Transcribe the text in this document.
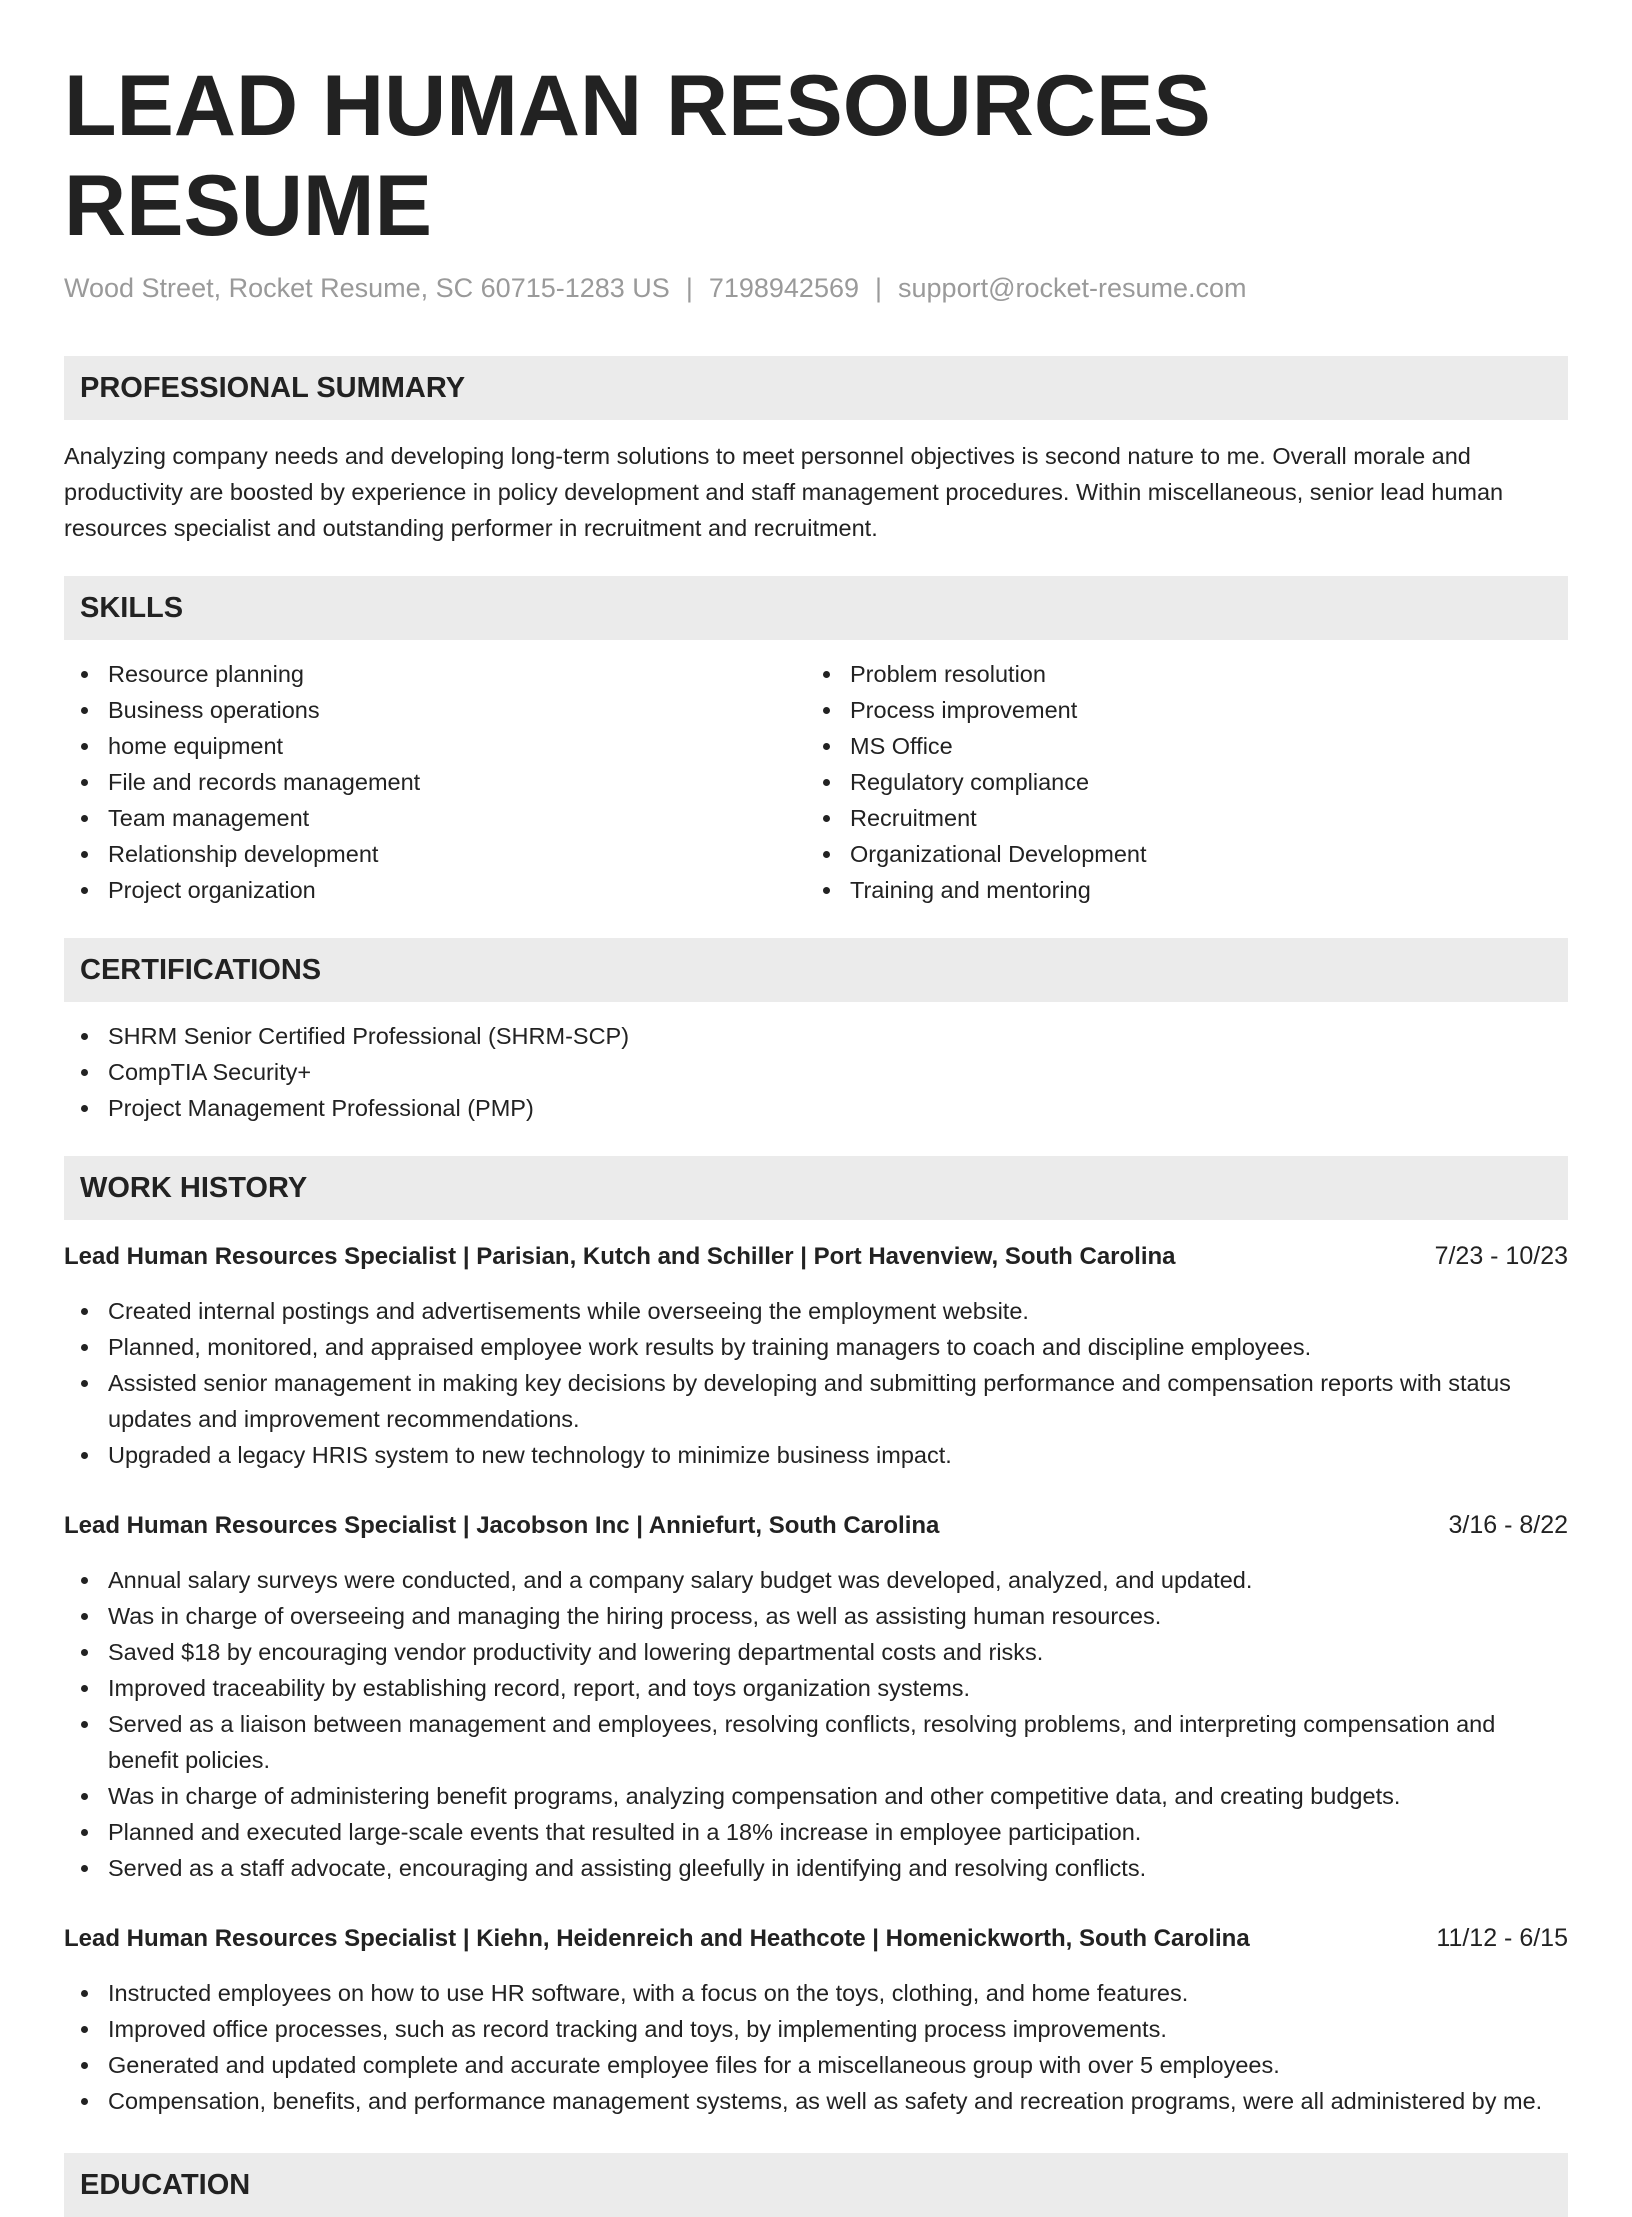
LEAD HUMAN RESOURCES RESUME
Wood Street, Rocket Resume, SC 60715-1283 US | 7198942569 | support@rocket-resume.com
PROFESSIONAL SUMMARY

Analyzing company needs and developing long-term solutions to meet personnel objectives is second nature to me. Overall morale and productivity are boosted by experience in policy development and staff management procedures. Within miscellaneous, senior lead human resources specialist and outstanding performer in recruitment and recruitment.

SKILLS
Resource planning
Business operations
home equipment
File and records management
Team management
Relationship development
Project organization
Problem resolution
Process improvement
MS Office
Regulatory compliance
Recruitment
Organizational Development
Training and mentoring
CERTIFICATIONS
SHRM Senior Certified Professional (SHRM-SCP)
CompTIA Security+
Project Management Professional (PMP)
WORK HISTORY
Lead Human Resources Specialist | Parisian, Kutch and Schiller | Port Havenview, South Carolina	7/23 - 10/23
Created internal postings and advertisements while overseeing the employment website.
Planned, monitored, and appraised employee work results by training managers to coach and discipline employees.
Assisted senior management in making key decisions by developing and submitting performance and compensation reports with status updates and improvement recommendations.
Upgraded a legacy HRIS system to new technology to minimize business impact.
Lead Human Resources Specialist | Jacobson Inc | Anniefurt, South Carolina	3/16 - 8/22
Annual salary surveys were conducted, and a company salary budget was developed, analyzed, and updated.
Was in charge of overseeing and managing the hiring process, as well as assisting human resources.
Saved $18 by encouraging vendor productivity and lowering departmental costs and risks.
Improved traceability by establishing record, report, and toys organization systems.
Served as a liaison between management and employees, resolving conflicts, resolving problems, and interpreting compensation and benefit policies.
Was in charge of administering benefit programs, analyzing compensation and other competitive data, and creating budgets.
Planned and executed large-scale events that resulted in a 18% increase in employee participation.
Served as a staff advocate, encouraging and assisting gleefully in identifying and resolving conflicts.
Lead Human Resources Specialist | Kiehn, Heidenreich and Heathcote | Homenickworth, South Carolina	11/12 - 6/15
Instructed employees on how to use HR software, with a focus on the toys, clothing, and home features.
Improved office processes, such as record tracking and toys, by implementing process improvements.
Generated and updated complete and accurate employee files for a miscellaneous group with over 5 employees.
Compensation, benefits, and performance management systems, as well as safety and recreation programs, were all administered by me.
EDUCATION
